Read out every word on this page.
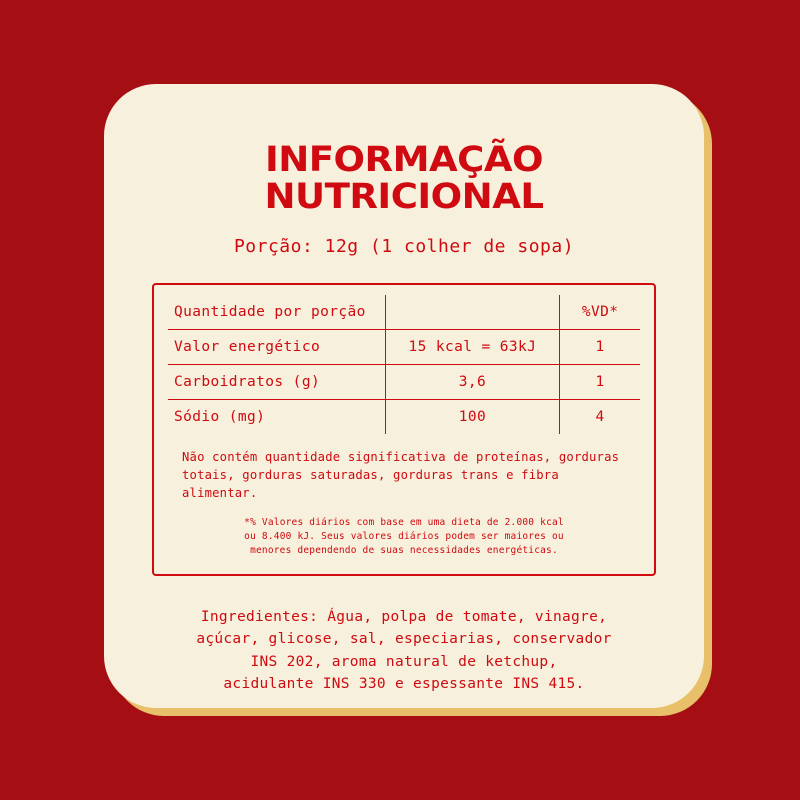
INFORMAÇÃO NUTRICIONAL
Porção: 12g (1 colher de sopa)
Quantidade por porção		%VD*
Valor energético	15 kcal = 63kJ	1
Carboidratos (g)	3,6	1
Sódio (mg)	100	4
Não contém quantidade significativa de proteínas, gorduras
totais, gorduras saturadas, gorduras trans e fibra alimentar.
*% Valores diários com base em uma dieta de 2.000 kcal
ou 8.400 kJ. Seus valores diários podem ser maiores ou
menores dependendo de suas necessidades energéticas.
Ingredientes: Água, polpa de tomate, vinagre,
açúcar, glicose, sal, especiarias, conservador
INS 202, aroma natural de ketchup,
acidulante INS 330 e espessante INS 415.
